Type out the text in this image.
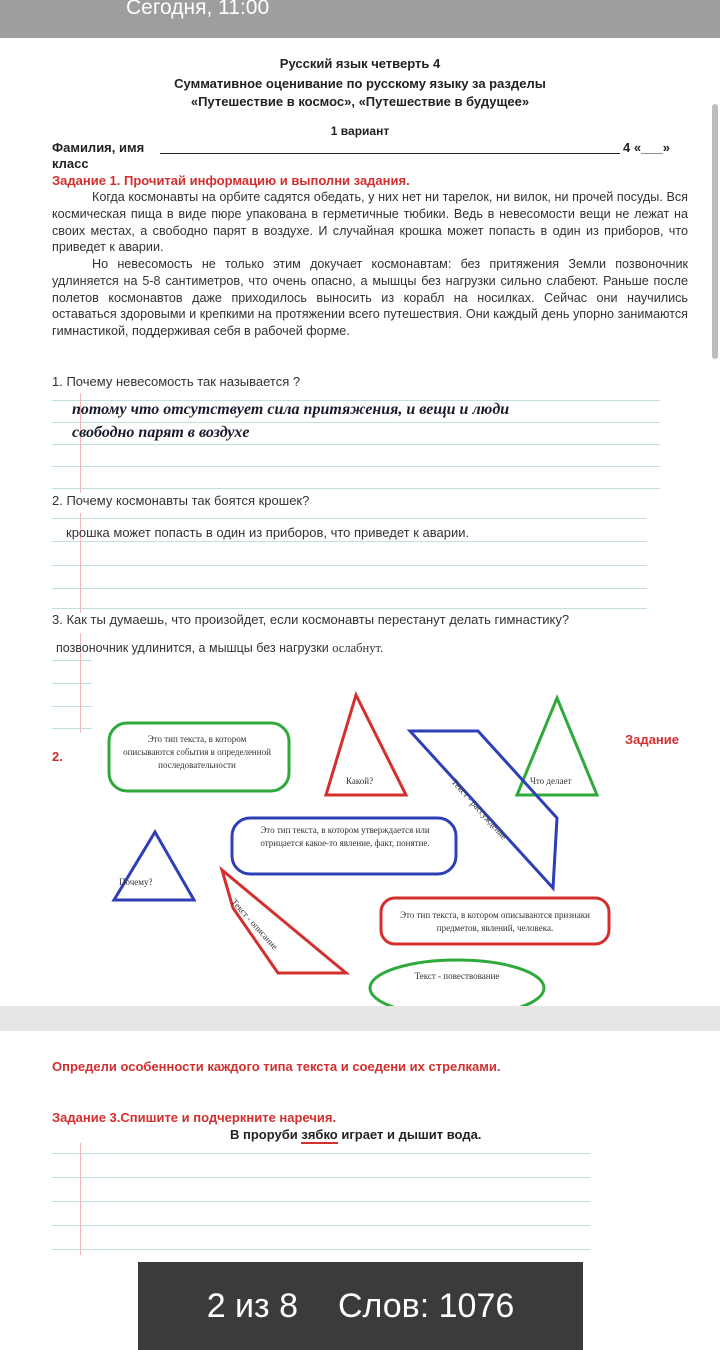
Сегодня, 11:00
Русский язык четверть 4
Суммативное оценивание по русскому языку за разделы
«Путешествие в космос», «Путешествие в будущее»
1 вариант
Фамилия, имя	4 «___»
класс
Задание 1. Прочитай информацию и выполни задания.
Когда космонавты на орбите садятся обедать, у них нет ни тарелок, ни вилок, ни прочей посуды. Вся космическая пища в виде пюре упакована в герметичные тюбики. Ведь в невесомости вещи не лежат на своих местах, а свободно парят в воздухе. И случайная крошка может попасть в один из приборов, что приведет к аварии.
Но невесомость не только этим докучает космонавтам: без притяжения Земли позвоночник удлиняется на 5-8 сантиметров, что очень опасно, а мышцы без нагрузки сильно слабеют. Раньше после полетов космонавтов даже приходилось выносить из корабл на носилках. Сейчас они научились оставаться здоровыми и крепкими на протяжении всего путешествия. Они каждый день упорно занимаются гимнастикой, поддерживая себя в рабочей форме.
1. Почему невесомость так называется ?
потому что отсутствует сила притяжения, и вещи и люди
свободно парят в воздухе
2. Почему космонавты так боятся крошек?
крошка может попасть в один из приборов, что приведет к аварии.
3. Как ты думаешь, что произойдет, если космонавты перестанут делать гимнастику?
позвоночник удлинится, а мышцы без нагрузки ослабнут.
2.
Задание
Это тип текста, в котором описываются события в определенной последовательности
Какой?	Что делает
Текст - рассуждение
Это тип текста, в котором утверждается или отрицается какое-то явление, факт, понятие.
Почему?
Текст - описание	Это тип текста, в котором описываются признаки предметов, явлений, человека.
Текст - повествование
Определи особенности каждого типа текста и соедени их стрелками.
Задание 3.Спишите и подчеркните наречия.
В проруби зябко играет и дышит вода.
2 из 8 Слов: 1076
